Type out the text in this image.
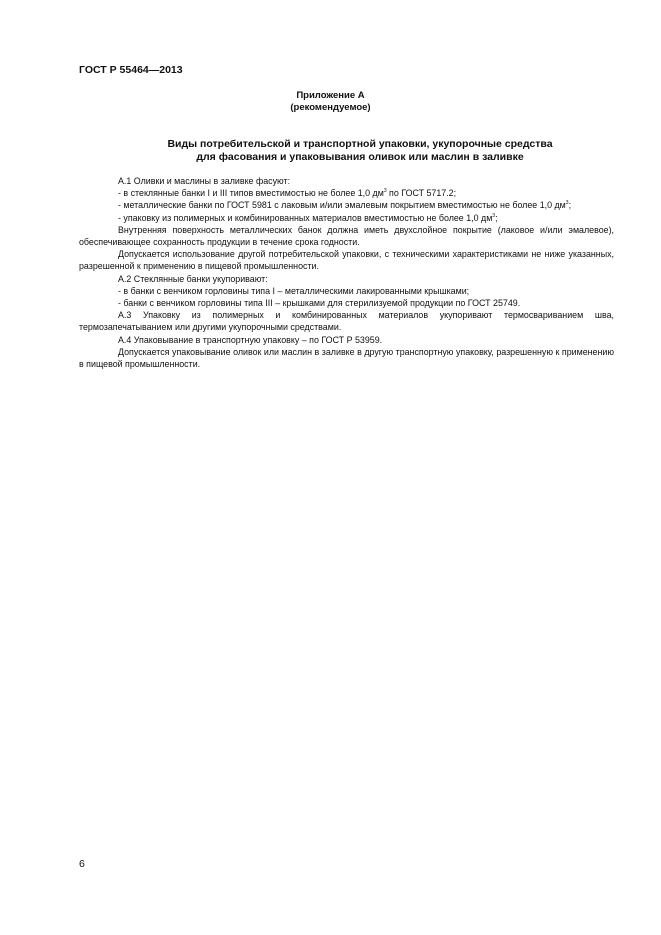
ГОСТ Р 55464—2013
Приложение А
(рекомендуемое)
Виды потребительской и транспортной упаковки, укупорочные средства
для фасования и упаковывания оливок или маслин в заливке

А.1 Оливки и маслины в заливке фасуют:

- в стеклянные банки I и III типов вместимостью не более 1,0 $дм^3$ по ГОСТ 5717.2;

- металлические банки по ГОСТ 5981 с лаковым и/или эмалевым покрытием вместимостью не более 1,0 $дм^3$;

- упаковку из полимерных и комбинированных материалов вместимостью не более 1,0 $дм^3$;

Внутренняя поверхность металлических банок должна иметь двухслойное покрытие (лаковое и/или эмалевое), обеспечивающее сохранность продукции в течение срока годности.

Допускается использование другой потребительской упаковки, с техническими характеристиками не ниже указанных, разрешенной к применению в пищевой промышленности.

А.2 Стеклянные банки укупоривают:

- в банки с венчиком горловины типа I – металлическими лакированными крышками;

- банки с венчиком горловины типа III – крышками для стерилизуемой продукции по ГОСТ 25749.

А.3 Упаковку из полимерных и комбинированных материалов укупоривают термосвариванием шва, термозапечатыванием или другими укупорочными средствами.

А.4 Упаковывание в транспортную упаковку – по ГОСТ Р 53959.

Допускается упаковывание оливок или маслин в заливке в другую транспортную упаковку, разрешенную к применению в пищевой промышленности.

6
